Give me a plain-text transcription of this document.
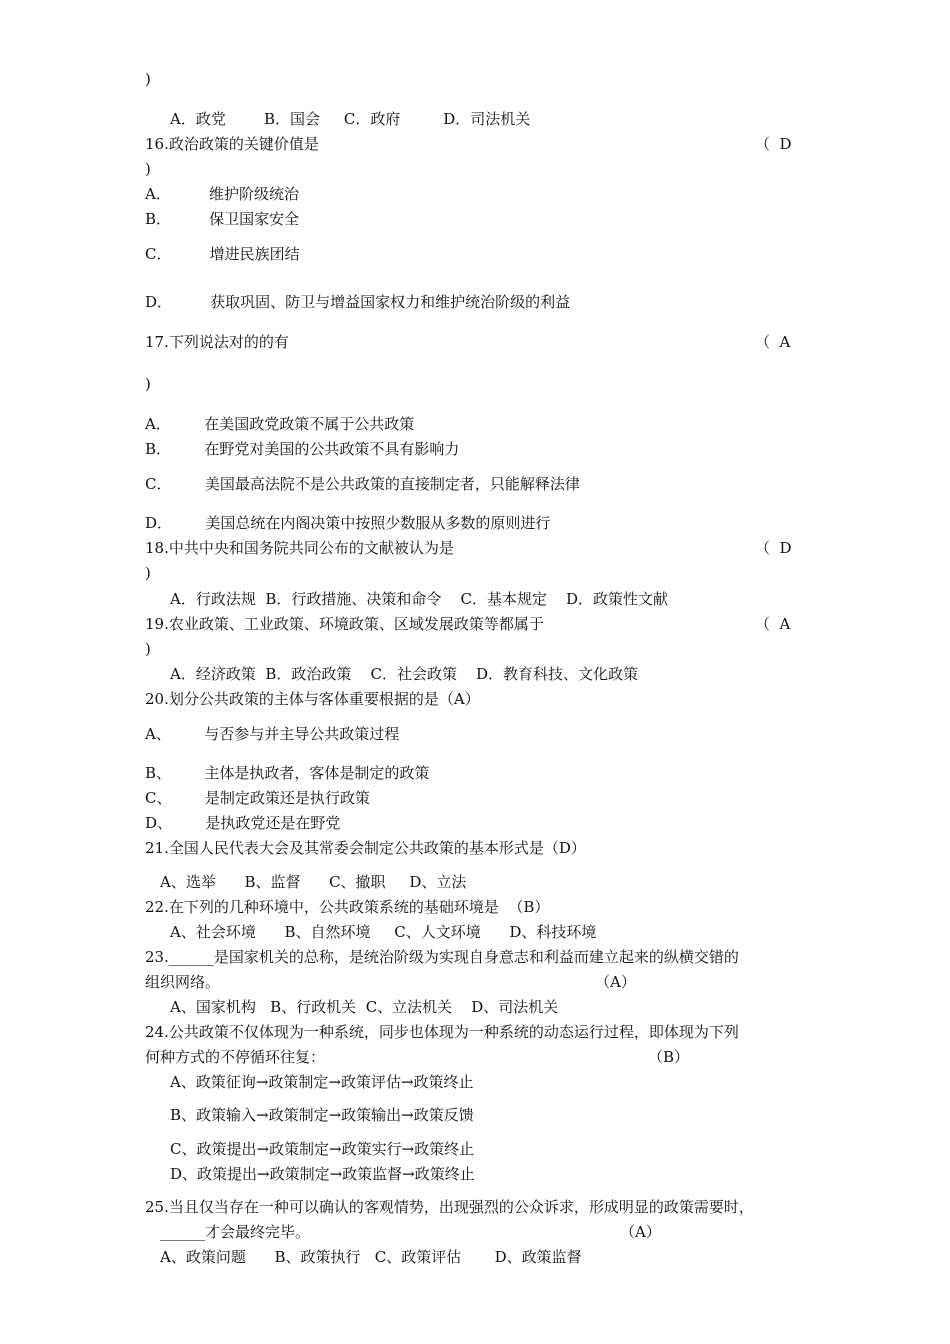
)
A．政党        B．国会     C．政府         D．司法机关
16.政治政策的关键价值是	（  D
)
A．        维护阶级统治
B．        保卫国家安全
C．        增进民族团结
D．        获取巩固、防卫与增益国家权力和维护统治阶级的利益
17.下列说法对的的有	（  A
)
A．       在美国政党政策不属于公共政策
B．       在野党对美国的公共政策不具有影响力
C．       美国最高法院不是公共政策的直接制定者，只能解释法律
D．       美国总统在内阁决策中按照少数服从多数的原则进行
18.中共中央和国务院共同公布的文献被认为是	（  D
)
A．行政法规  B．行政措施、决策和命令    C．基本规定    D．政策性文献
19.农业政策、工业政策、环境政策、区域发展政策等都属于	（  A
)
A．经济政策  B．政治政策    C．社会政策    D．教育科技、文化政策
20.划分公共政策的主体与客体重要根据的是（A）
A、       与否参与并主导公共政策过程
B、       主体是执政者，客体是制定的政策
C、       是制定政策还是执行政策
D、       是执政党还是在野党
21.全国人民代表大会及其常委会制定公共政策的基本形式是（D）
A、选举      B、监督      C、撤职     D、立法
22.在下列的几种环境中，公共政策系统的基础环境是  （B）
A、社会环境      B、自然环境     C、人文环境      D、科技环境
23.______是国家机关的总称，是统治阶级为实现自身意志和利益而建立起来的纵横交错的
组织网络。	（A）
A、国家机构   B、行政机关  C、立法机关    D、司法机关
24.公共政策不仅体现为一种系统，同步也体现为一种系统的动态运行过程，即体现为下列
何种方式的不停循环往复：	（B）
A、政策征询→政策制定→政策评估→政策终止
B、政策输入→政策制定→政策输出→政策反馈
C、政策提出→政策制定→政策实行→政策终止
D、政策提出→政策制定→政策监督→政策终止
25.当且仅当存在一种可以确认的客观情势，出现强烈的公众诉求，形成明显的政策需要时，
______才会最终完毕。	（A）
A、政策问题      B、政策执行   C、政策评估       D、政策监督
